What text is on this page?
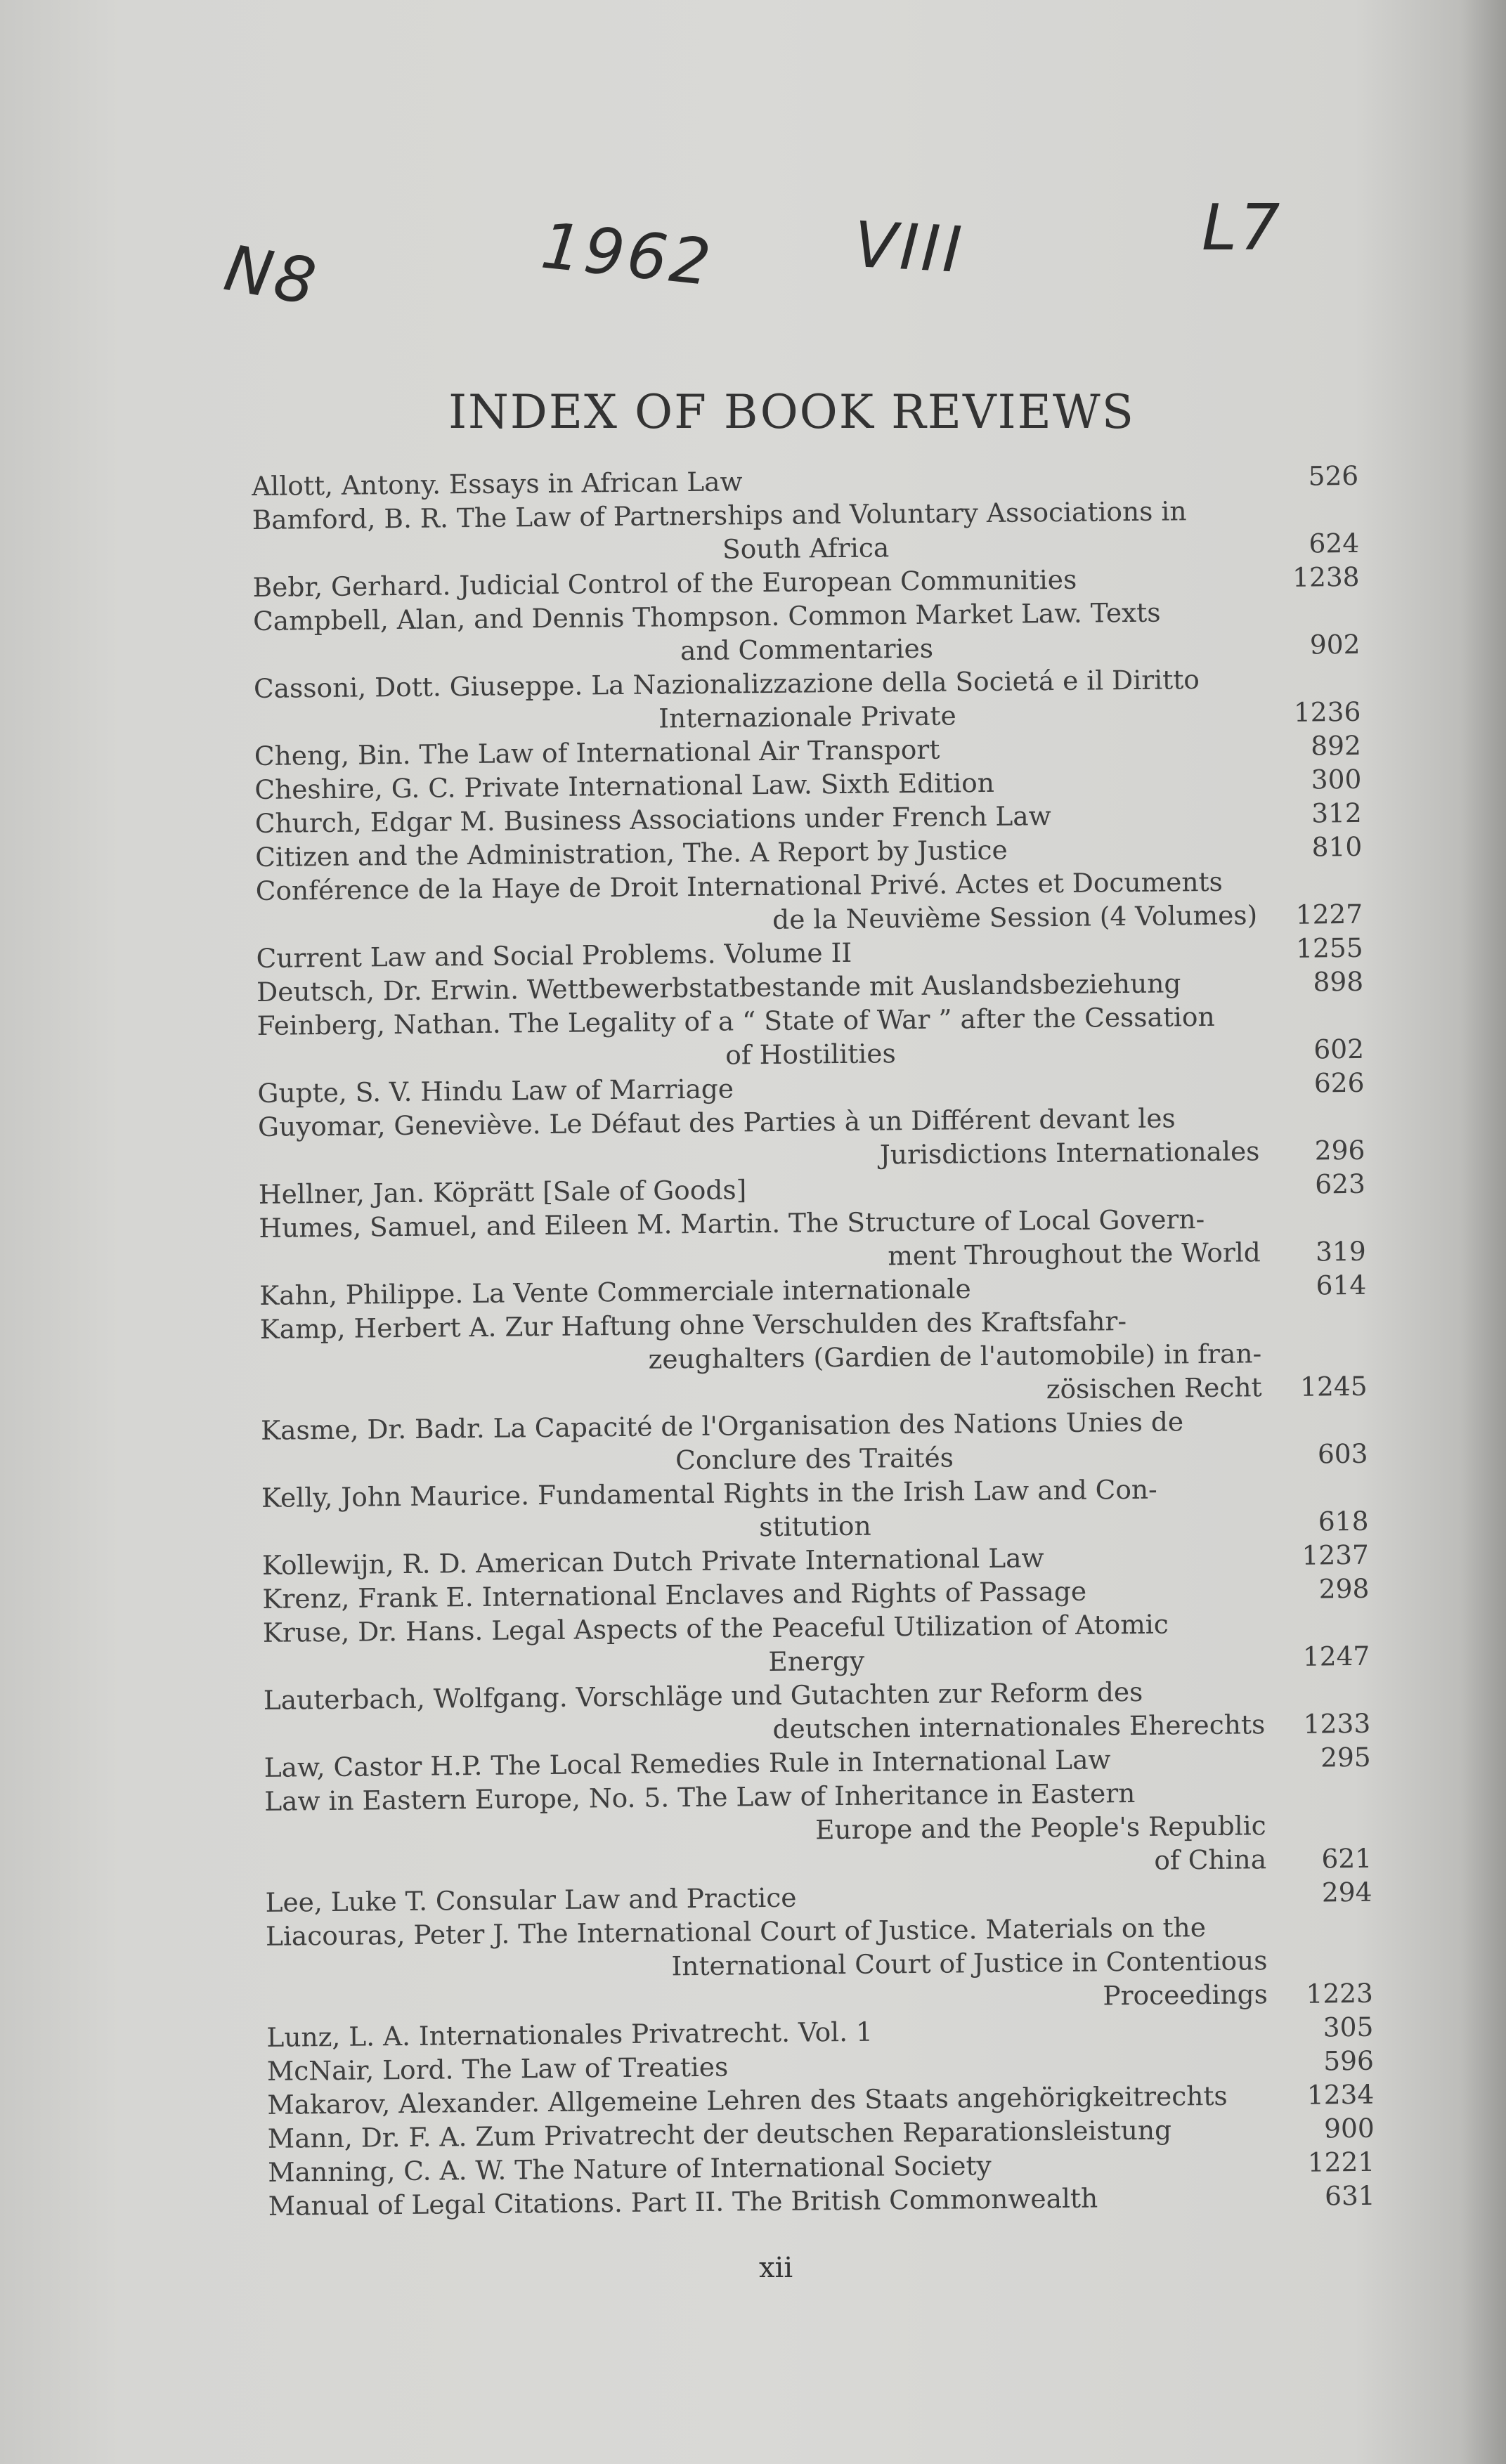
N8	1962 VIII	L7
INDEX OF BOOK REVIEWS
Allott, Antony. Essays in African Law	526
Bamford, B. R. The Law of Partnerships and Voluntary Associations in
South Africa	624
Bebr, Gerhard. Judicial Control of the European Communities	1238
Campbell, Alan, and Dennis Thompson. Common Market Law. Texts
and Commentaries	902
Cassoni, Dott. Giuseppe. La Nazionalizzazione della Societá e il Diritto
Internazionale Private	1236
Cheng, Bin. The Law of International Air Transport	892
Cheshire, G. C. Private International Law. Sixth Edition	300
Church, Edgar M. Business Associations under French Law	312
Citizen and the Administration, The. A Report by Justice	810
Conférence de la Haye de Droit International Privé. Actes et Documents
de la Neuvième Session (4 Volumes) 1227
Current Law and Social Problems. Volume II	1255
Deutsch, Dr. Erwin. Wettbewerbstatbestande mit Auslandsbeziehung	898
Feinberg, Nathan. The Legality of a “ State of War ” after the Cessation
of Hostilities	602
Gupte, S. V. Hindu Law of Marriage	626
Guyomar, Geneviève. Le Défaut des Parties à un Différent devant les
Jurisdictions Internationales 296
Hellner, Jan. Köprätt [Sale of Goods]	623
Humes, Samuel, and Eileen M. Martin. The Structure of Local Govern-
ment Throughout the World 319
Kahn, Philippe. La Vente Commerciale internationale	614
Kamp, Herbert A. Zur Haftung ohne Verschulden des Kraftsfahr-
zeughalters (Gardien de l'automobile) in fran-
zösischen Recht 1245
Kasme, Dr. Badr. La Capacité de l'Organisation des Nations Unies de
Conclure des Traités	603
Kelly, John Maurice. Fundamental Rights in the Irish Law and Con-
stitution	618
Kollewijn, R. D. American Dutch Private International Law	1237
Krenz, Frank E. International Enclaves and Rights of Passage	298
Kruse, Dr. Hans. Legal Aspects of the Peaceful Utilization of Atomic
Energy	1247
Lauterbach, Wolfgang. Vorschläge und Gutachten zur Reform des
deutschen internationales Eherechts 1233
Law, Castor H.P. The Local Remedies Rule in International Law	295
Law in Eastern Europe, No. 5. The Law of Inheritance in Eastern
Europe and the People's Republic
of China 621
Lee, Luke T. Consular Law and Practice	294
Liacouras, Peter J. The International Court of Justice. Materials on the
International Court of Justice in Contentious
Proceedings 1223
Lunz, L. A. Internationales Privatrecht. Vol. 1	305
McNair, Lord. The Law of Treaties	596
Makarov, Alexander. Allgemeine Lehren des Staats angehörigkeitrechts	1234
Mann, Dr. F. A. Zum Privatrecht der deutschen Reparationsleistung	900
Manning, C. A. W. The Nature of International Society	1221
Manual of Legal Citations. Part II. The British Commonwealth	631
xii
